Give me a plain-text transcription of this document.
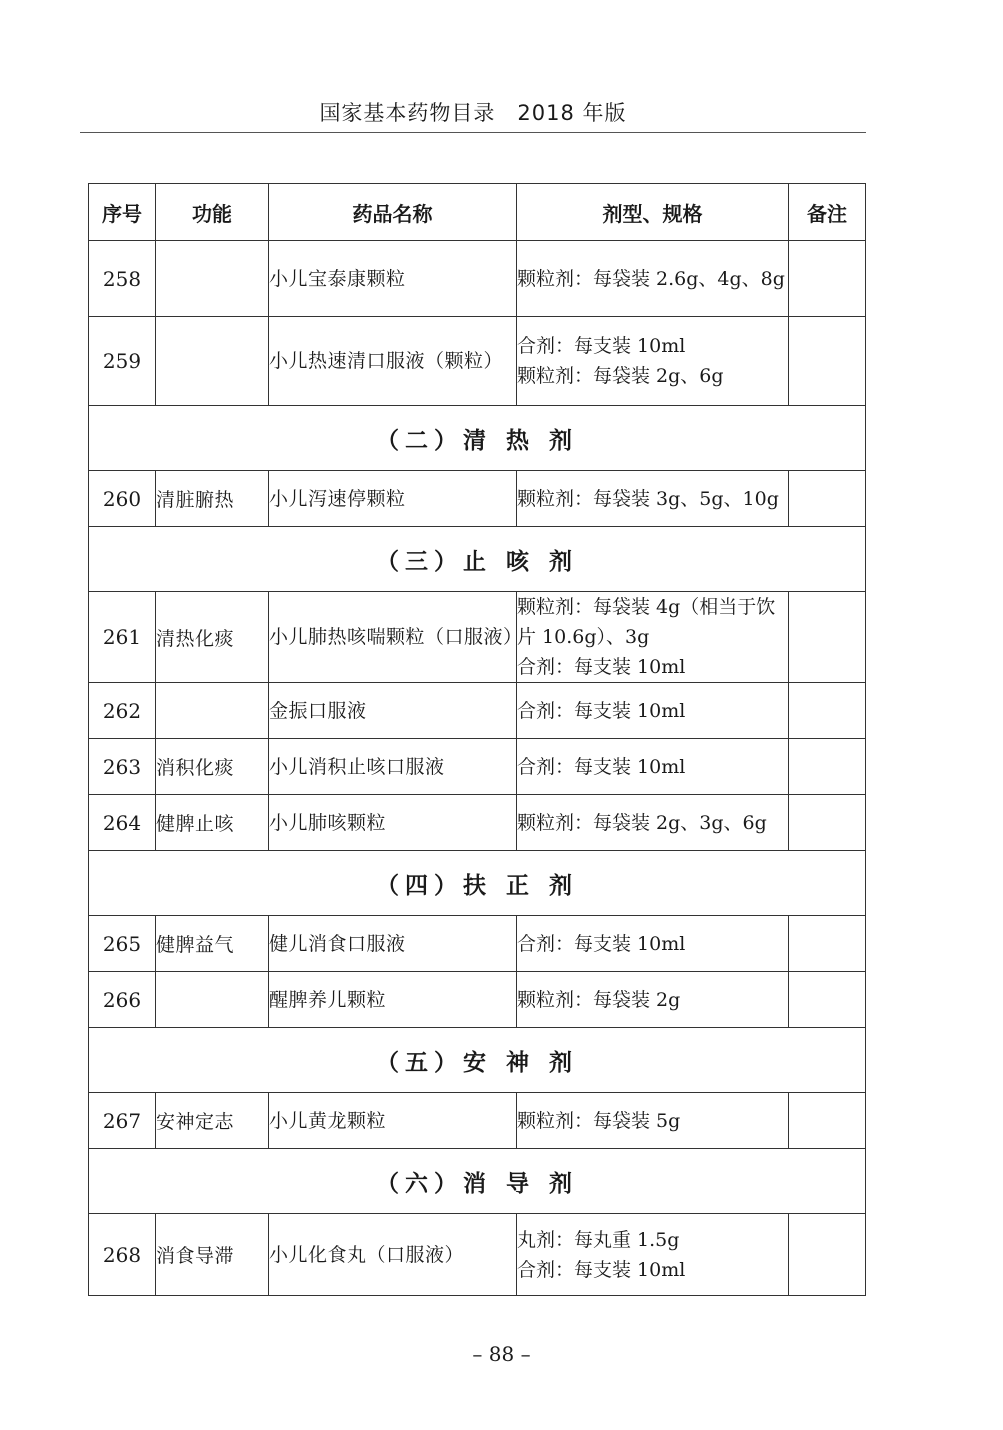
国家基本药物目录　2018 年版
序号	功能	药品名称	剂型、规格	备注
258		小儿宝泰康颗粒	颗粒剂：每袋装 2.6g、4g、8g	

259		小儿热速清口服液（颗粒）	合剂：每支装 10ml
颗粒剂：每袋装 2g、6g	

（二）清 热 剂				
260	清脏腑热	小儿泻速停颗粒	颗粒剂：每袋装 3g、5g、10g	

（三）止 咳 剂				
261	清热化痰	小儿肺热咳喘颗粒（口服液）	颗粒剂：每袋装 4g（相当于饮片 10.6g）、3g
合剂：每支装 10ml	

262		金振口服液	合剂：每支装 10ml	

263	消积化痰	小儿消积止咳口服液	合剂：每支装 10ml	

264	健脾止咳	小儿肺咳颗粒	颗粒剂：每袋装 2g、3g、6g	

（四）扶 正 剂				
265	健脾益气	健儿消食口服液	合剂：每支装 10ml	

266		醒脾养儿颗粒	颗粒剂：每袋装 2g	

（五）安 神 剂				
267	安神定志	小儿黄龙颗粒	颗粒剂：每袋装 5g	

（六）消 导 剂				
268	消食导滞	小儿化食丸（口服液）	丸剂：每丸重 1.5g
合剂：每支装 10ml	

– 88 –
